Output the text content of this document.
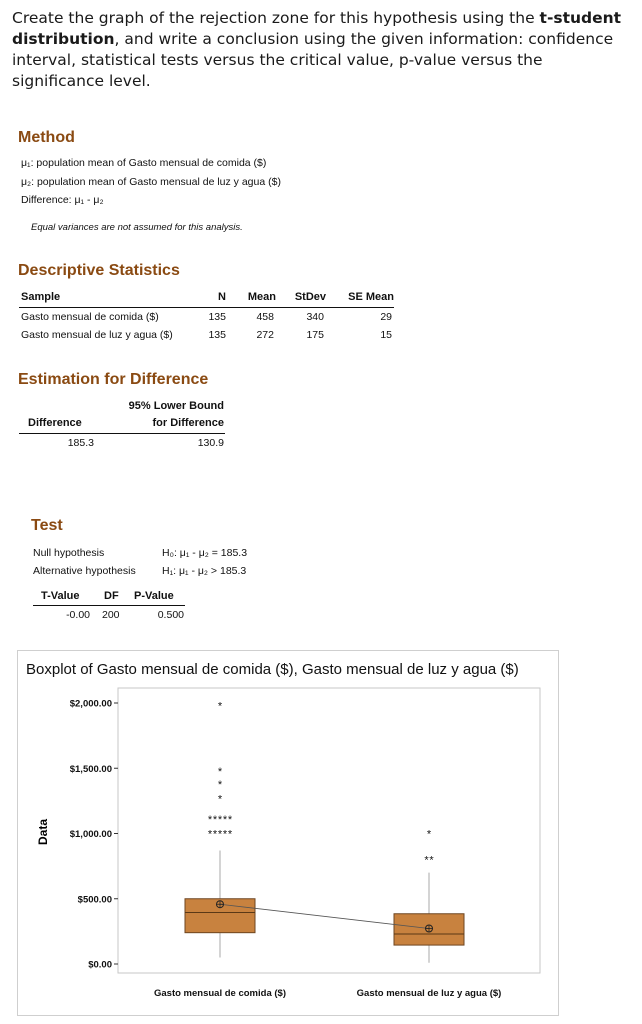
Create the graph of the rejection zone for this hypothesis using the t-student distribution, and write a conclusion using the given information: confidence interval, statistical tests versus the critical value, p-value versus the significance level.
Method
μ₁: population mean of Gasto mensual de comida ($)
μ₂: population mean of Gasto mensual de luz y agua ($)
Difference: μ₁ - μ₂
Equal variances are not assumed for this analysis.
Descriptive Statistics
Sample	N	Mean	StDev	SE Mean
Gasto mensual de comida ($)	135	458	340	29
Gasto mensual de luz y agua ($)	135	272	175	15
Estimation for Difference
95% Lower Bound
Difference	for Difference
185.3	130.9
Test
Null hypothesis	H₀: μ₁ - μ₂ = 185.3
Alternative hypothesis	H₁: μ₁ - μ₂ > 185.3
T-Value DF P-Value
-0.00 200	0.500
Boxplot of Gasto mensual de comida ($), Gasto mensual de luz y agua ($)
Data
$0.00
$500.00
$1,000.00
$1,500.00
$2,000.00
* * * * *
* * * * *
*
*
*
*
* *
*
Gasto mensual de comida ($)	Gasto mensual de luz y agua ($)
